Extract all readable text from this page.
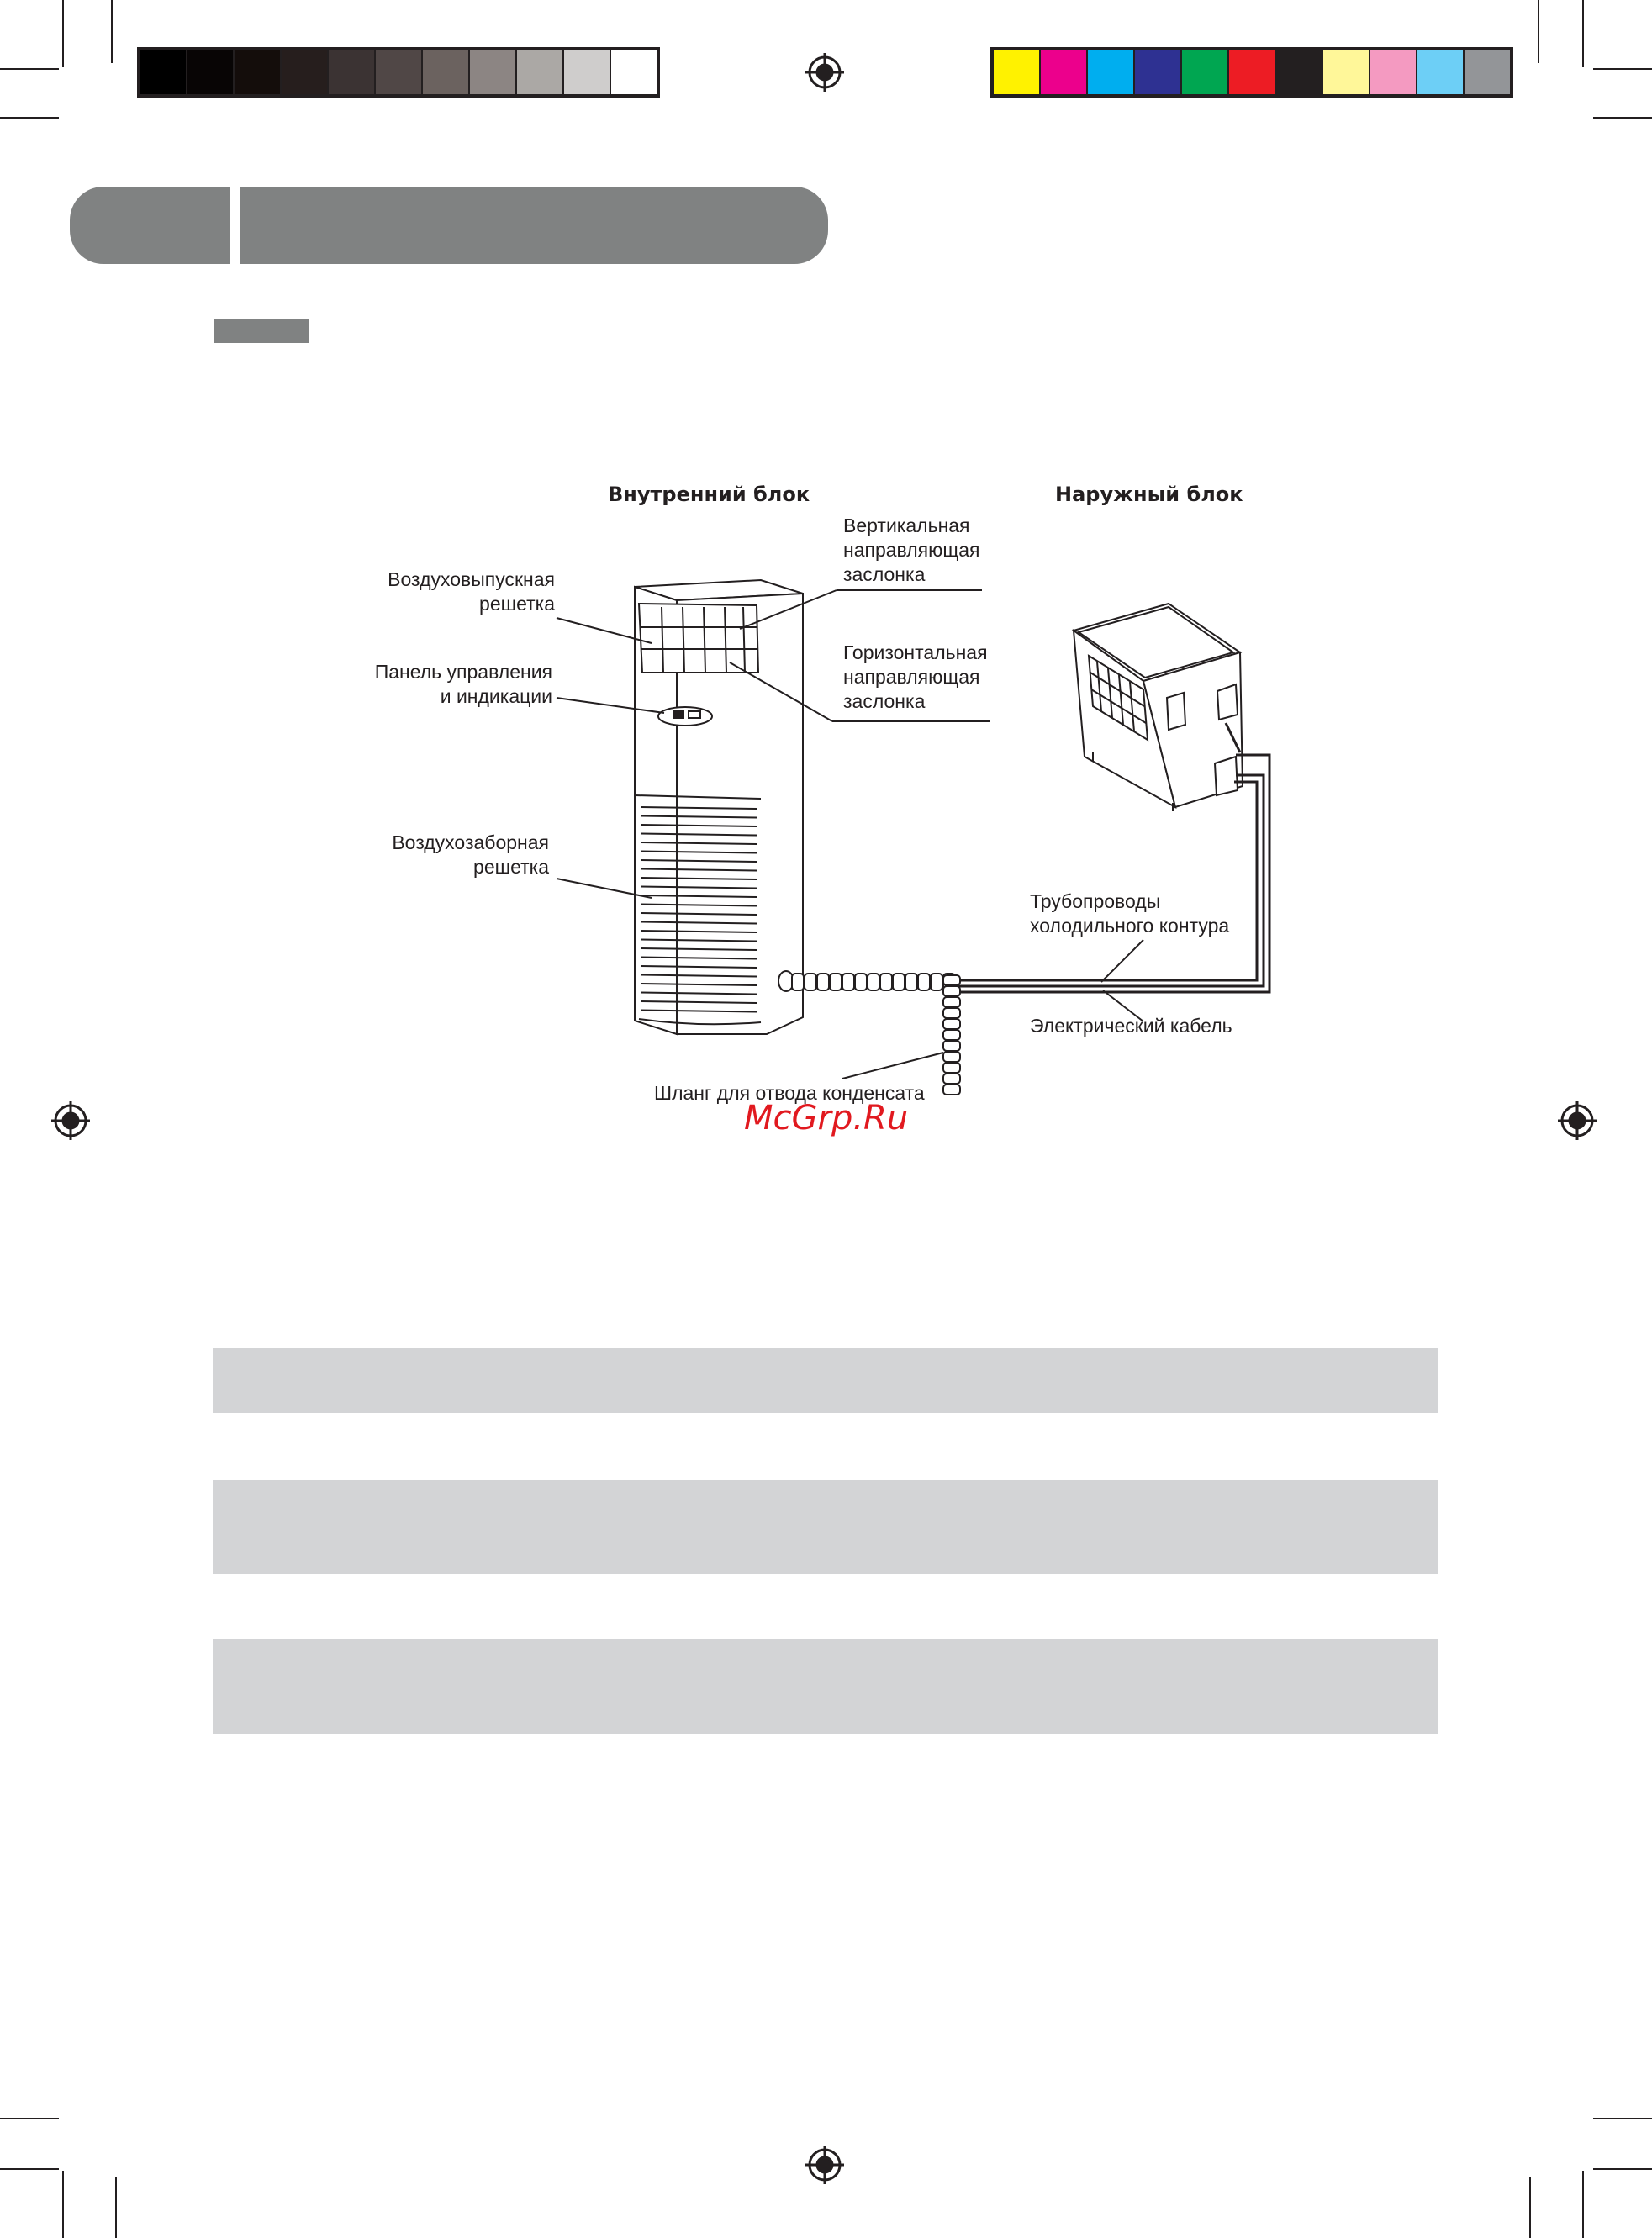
Внутренний блок	Наружный блок
Воздуховыпускная
решетка
Панель управления
и индикации
Воздухозаборная
решетка
Вертикальная
направляющая
заслонка
Горизонтальная
направляющая
заслонка
Трубопроводы
холодильного контура
Электрический кабель
Шланг для отвода конденсата
McGrp.Ru
